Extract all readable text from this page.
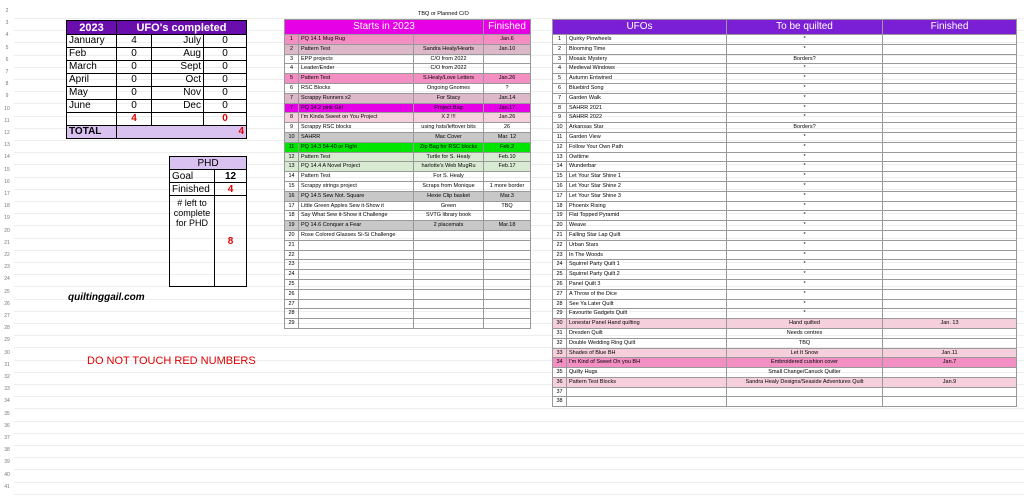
2
3
4
5
6
7
8
9
10
11
12
13
14
15
16
17
18
19
20
21
22
23
24
25
26
27
28
29
30
31
32
33
34
35
36
37
38
39
40
41
2023	UFO's completed		
January	4	July	0
Feb	0	Aug	0
March	0	Sept	0
April	0	Oct	0
May	0	Nov	0
June	0	Dec	0
	4		0
TOTAL	4		
PHD	
Goal	12
Finished	4
# left to complete for PHD	8
quiltinggail.com
DO NOT TOUCH RED NUMBERS
TBQ or Planned C/O
Starts in 2023			Finished
1	PQ 14.1 Mug Rug		Jan.6
2	Pattern Test	Sandra Healy/Hearts	Jan.10
3	EPP projects	C/O from 2022	
4	Leader/Ender	C/O from 2022	
5	Pattern Test	S.Healy/Love Letters	Jan.26
6	RSC Blocks	Ongoing Gnomes	?
7	Scrappy Runners x2	For Stacy	Jan.14
7	PQ 14.2 pink Girl	Project Bag	Jan.17
8	I'm Kinda Sweet on You Project	X 2 !!!	Jan.26
9	Scrappy RSC blocks	using hsts/leftover bits	26
10	SAHRR	Mac Cover	Mar. 12
11	PQ 14.3 54-40 or Fight	Zip Bag for RSC blocks	Feb.2
12	Pattern Test	Turtle for S. Healy	Feb.10
13	PQ 14.4 A Novel Project	harlotte's Web MugRu	Feb.17
14	Pattern Test	For S. Healy	
15	Scrappy strings project	Scraps from Monique	1 more border
16	PQ 14.5 Sew Not. Square	Hexie Clip basket	Mar.3
17	Little Green Apples Sew it-Show it	Green	TBQ
18	Say What Sew it-Show it Challenge	SVTG library book	
19	PQ 14.6 Conquer a Fear	2 placemats	Mar.18
20	Rose Colored Glasses Si-Si Challenge		
21			
22			
23			
24			
25			
26			
27			
28			
29			
UFOs		To be quilted	Finished
1	Quirky Pinwheels	*	
2	Blooming Time	*	
3	Mosaic Mystery	Borders?	
4	Medieval Windows	*	
5	Autumn Entwined	*	
6	Bluebird Song	*	
7	Garden Walk	*	
8	SAHRR 2021	*	
9	SAHRR 2022	*	
10	Arkansas Star	Borders?	
11	Garden View	*	
12	Follow Your Own Path	*	
13	Owltime	*	
14	Wunderbar	*	
15	Let Your Star Shine 1	*	
16	Let Your Star Shine 2	*	
17	Let Your Star Shine 3	*	
18	Phoenix Rising	*	
19	Flat Topped Pyramid	*	
20	Weave	*	
21	Falling Star Lap Quilt	*	
22	Urban Stars	*	
23	In The Woods	*	
24	Squirrel Party Quilt 1	*	
25	Squirrel Party Quilt 2	*	
26	Panel Quilt 3	*	
27	A Throw of the Dice	*	
28	See Ya Later Quilt	*	
29	Favourite Gadgets Quilt	*	
30	Lonestar Panel Hand quilting	Hand quilted	Jan. 13
31	Dresden Quilt	Needs centres	
32	Double Wedding Ring Quilt	TBQ	
33	Shades of Blue BH	Let It Snow	Jan.11
34	I'm Kind of Sweet On you BH	Embroidered cushion cover	Jan.7
35	Quilty Hugs	Small Change/Canuck Quilter	
36	Pattern Test Blocks	Sandra Healy Designs/Seaside Adventures Quilt	Jan.9
37			
38			
